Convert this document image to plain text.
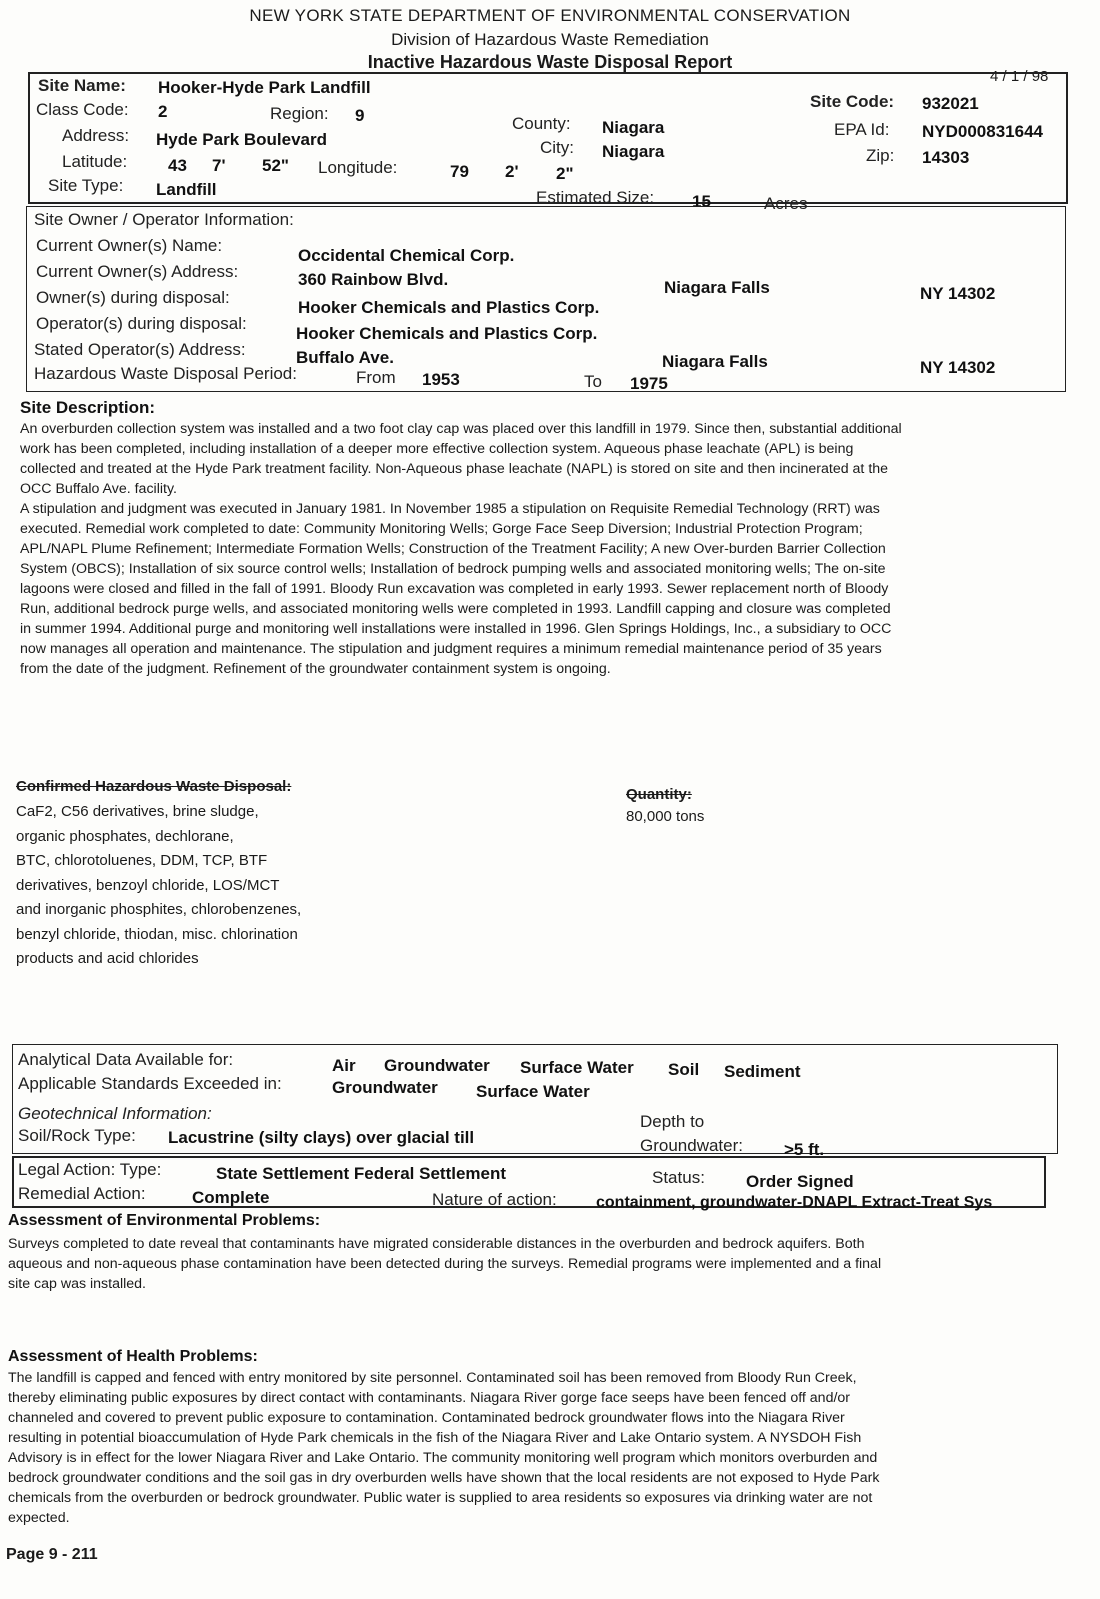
NEW YORK STATE DEPARTMENT OF ENVIRONMENTAL CONSERVATION
Division of Hazardous Waste Remediation
Inactive Hazardous Waste Disposal Report
4 / 1 / 98
Site Name: Hooker-Hyde Park Landfill
Class Code: 2	Region: 9
Site Code: 932021
Address: Hyde Park Boulevard
County: Niagara	EPA Id: NYD000831644
City: Niagara	Zip: 14303
Latitude: 43 7' 52" Longitude:	79 2' 2"
Site Type: Landfill	Estimated Size: 15	Acres
Site Owner / Operator Information:
Current Owner(s) Name:
Occidental Chemical Corp.
Current Owner(s) Address:	360 Rainbow Blvd.	Niagara Falls	NY 14302
Owner(s) during disposal:
Hooker Chemicals and Plastics Corp.
Operator(s) during disposal:
Hooker Chemicals and Plastics Corp.
Stated Operator(s) Address:	Buffalo Ave.	Niagara Falls	NY 14302
Hazardous Waste Disposal Period:	From 1953	To 1975
Site Description:
An overburden collection system was installed and a two foot clay cap was placed over this landfill in 1979. Since then, substantial additional
work has been completed, including installation of a deeper more effective collection system. Aqueous phase leachate (APL) is being
collected and treated at the Hyde Park treatment facility. Non-Aqueous phase leachate (NAPL) is stored on site and then incinerated at the
OCC Buffalo Ave. facility.
A stipulation and judgment was executed in January 1981. In November 1985 a stipulation on Requisite Remedial Technology (RRT) was
executed. Remedial work completed to date: Community Monitoring Wells; Gorge Face Seep Diversion; Industrial Protection Program;
APL/NAPL Plume Refinement; Intermediate Formation Wells; Construction of the Treatment Facility; A new Over-burden Barrier Collection
System (OBCS); Installation of six source control wells; Installation of bedrock pumping wells and associated monitoring wells; The on-site
lagoons were closed and filled in the fall of 1991. Bloody Run excavation was completed in early 1993. Sewer replacement north of Bloody
Run, additional bedrock purge wells, and associated monitoring wells were completed in 1993. Landfill capping and closure was completed
in summer 1994. Additional purge and monitoring well installations were installed in 1996. Glen Springs Holdings, Inc., a subsidiary to OCC
now manages all operation and maintenance. The stipulation and judgment requires a minimum remedial maintenance period of 35 years
from the date of the judgment. Refinement of the groundwater containment system is ongoing.
Confirmed Hazardous Waste Disposal:	Quantity:
80,000 tons
CaF2, C56 derivatives, brine sludge,
organic phosphates, dechlorane,
BTC, chlorotoluenes, DDM, TCP, BTF
derivatives, benzoyl chloride, LOS/MCT
and inorganic phosphites, chlorobenzenes,
benzyl chloride, thiodan, misc. chlorination
products and acid chlorides
Analytical Data Available for:	Air Groundwater Surface Water Soil Sediment
Applicable Standards Exceeded in:	Groundwater Surface Water
Geotechnical Information:	Depth to
Soil/Rock Type: Lacustrine (silty clays) over glacial till	Groundwater: >5 ft.
Legal Action: Type:	State Settlement Federal Settlement	Status: Order Signed
Remedial Action:	Complete	Nature of action: containment, groundwater-DNAPL Extract-Treat Sys
Assessment of Environmental Problems:
Surveys completed to date reveal that contaminants have migrated considerable distances in the overburden and bedrock aquifers. Both
aqueous and non-aqueous phase contamination have been detected during the surveys. Remedial programs were implemented and a final
site cap was installed.
Assessment of Health Problems:
The landfill is capped and fenced with entry monitored by site personnel. Contaminated soil has been removed from Bloody Run Creek,
thereby eliminating public exposures by direct contact with contaminants. Niagara River gorge face seeps have been fenced off and/or
channeled and covered to prevent public exposure to contamination. Contaminated bedrock groundwater flows into the Niagara River
resulting in potential bioaccumulation of Hyde Park chemicals in the fish of the Niagara River and Lake Ontario system. A NYSDOH Fish
Advisory is in effect for the lower Niagara River and Lake Ontario. The community monitoring well program which monitors overburden and
bedrock groundwater conditions and the soil gas in dry overburden wells have shown that the local residents are not exposed to Hyde Park
chemicals from the overburden or bedrock groundwater. Public water is supplied to area residents so exposures via drinking water are not
expected.
Page 9 - 211
